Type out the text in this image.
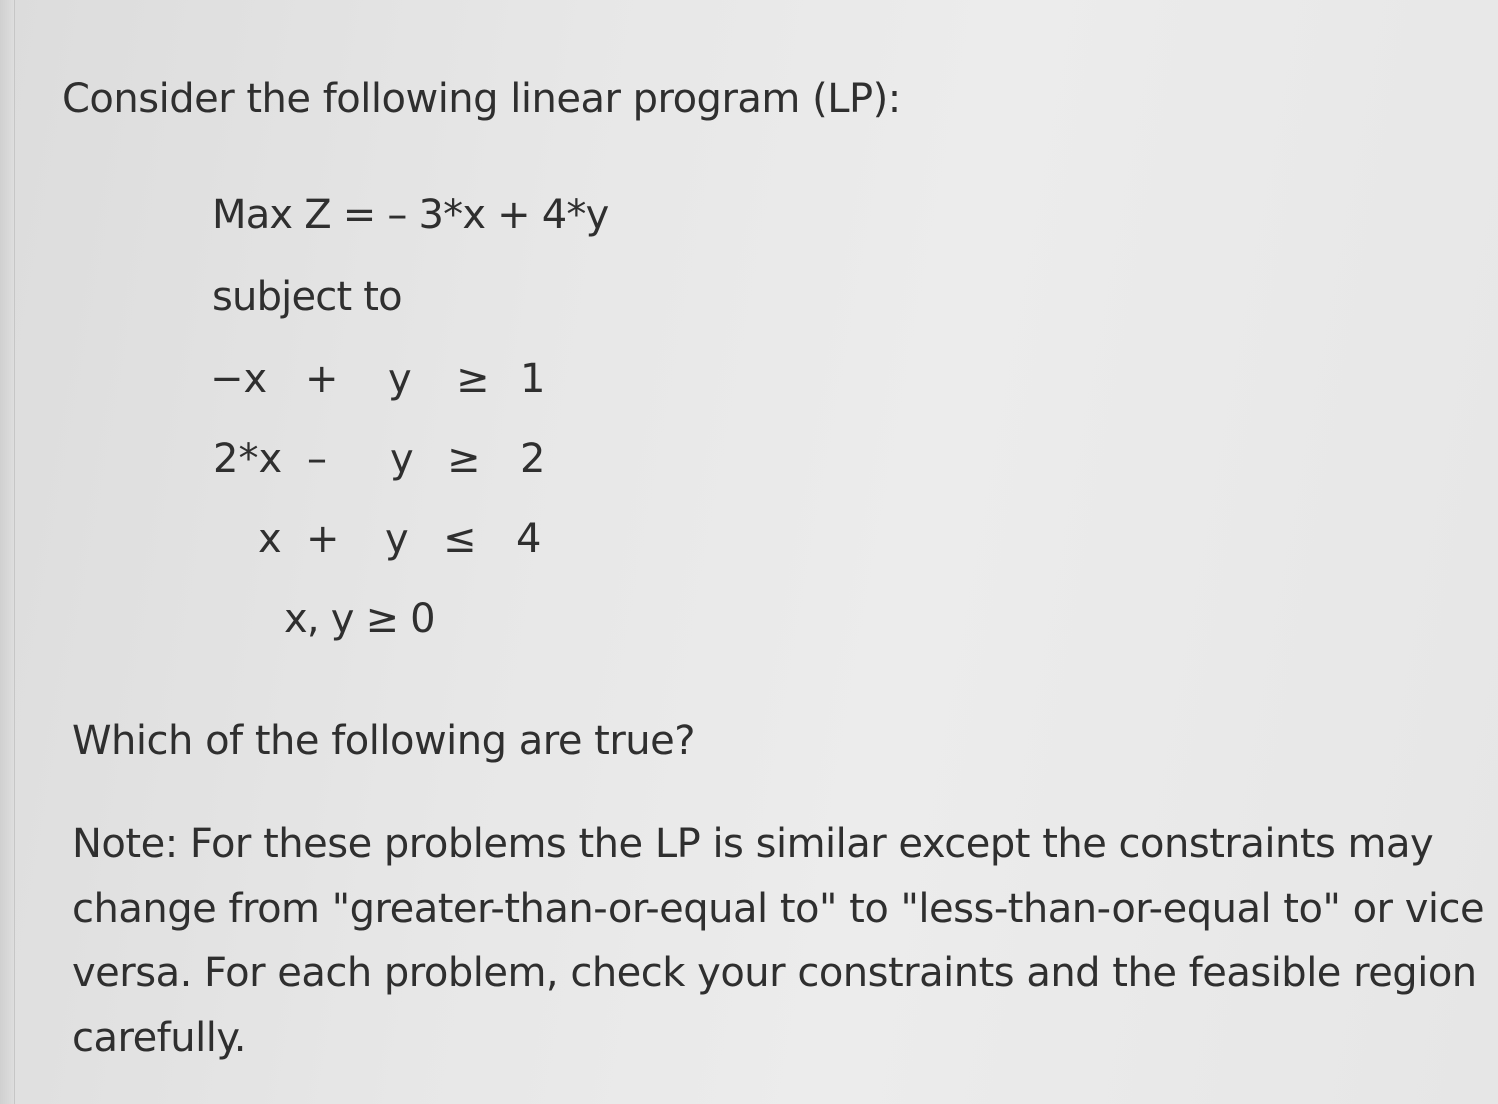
Consider the following linear program (LP):
Max Z = – 3*x + 4*y
subject to
−x + y ≥ 1
2*x – y ≥ 2
x + y ≤ 4
x, y ≥ 0
Which of the following are true?
Note: For these problems the LP is similar except the constraints may
change from "greater-than-or-equal to" to "less-than-or-equal to" or vice
versa. For each problem, check your constraints and the feasible region
carefully.
